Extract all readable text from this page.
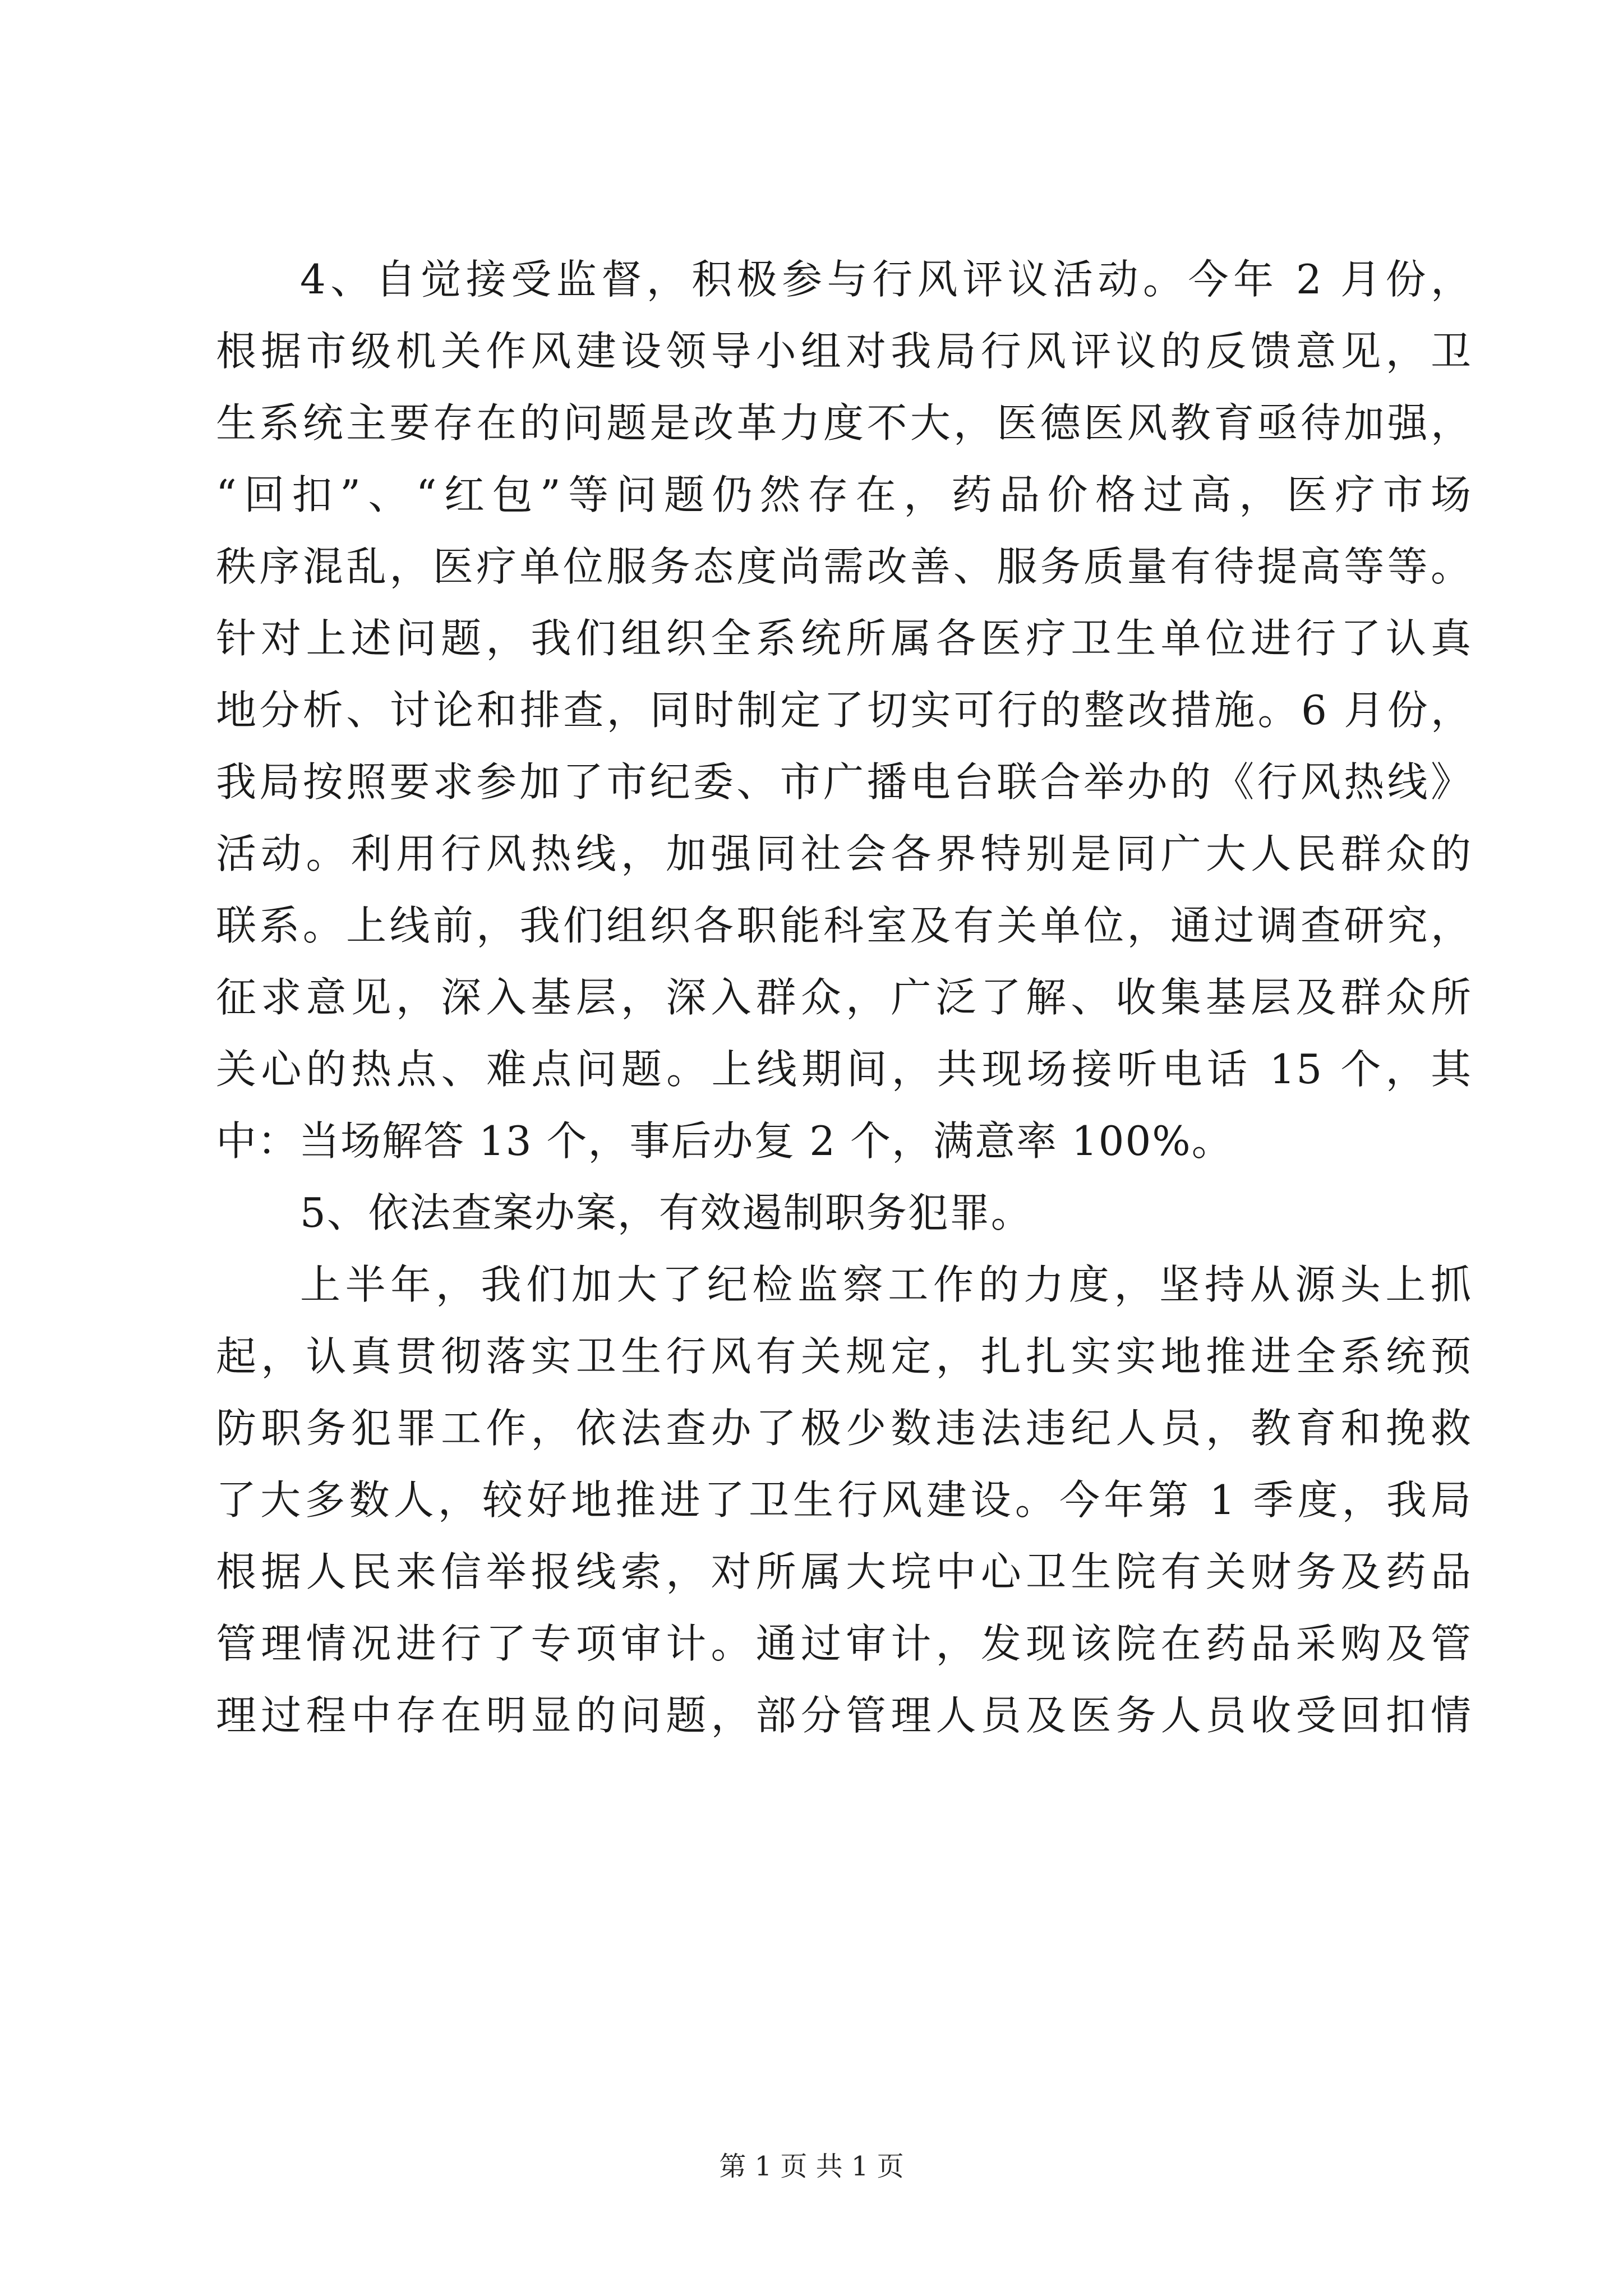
4、自觉接受监督，积极参与行风评议活动。今年 2 月份，
根据市级机关作风建设领导小组对我局行风评议的反馈意见，卫
生系统主要存在的问题是改革力度不大，医德医风教育亟待加强，
“回扣”、“红包”等问题仍然存在，药品价格过高，医疗市场
秩序混乱，医疗单位服务态度尚需改善、服务质量有待提高等等。
针对上述问题，我们组织全系统所属各医疗卫生单位进行了认真
地分析、讨论和排查，同时制定了切实可行的整改措施。6 月份，
我局按照要求参加了市纪委、市广播电台联合举办的《行风热线》
活动。利用行风热线，加强同社会各界特别是同广大人民群众的
联系。上线前，我们组织各职能科室及有关单位，通过调查研究，
征求意见，深入基层，深入群众，广泛了解、收集基层及群众所
关心的热点、难点问题。上线期间，共现场接听电话 15 个，其
中：当场解答 13 个，事后办复 2 个，满意率 100%。
5、依法查案办案，有效遏制职务犯罪。
上半年，我们加大了纪检监察工作的力度，坚持从源头上抓
起，认真贯彻落实卫生行风有关规定，扎扎实实地推进全系统预
防职务犯罪工作，依法查办了极少数违法违纪人员，教育和挽救
了大多数人，较好地推进了卫生行风建设。今年第 1 季度，我局
根据人民来信举报线索，对所属大垸中心卫生院有关财务及药品
管理情况进行了专项审计。通过审计，发现该院在药品采购及管
理过程中存在明显的问题，部分管理人员及医务人员收受回扣情
第 1 页 共 1 页
